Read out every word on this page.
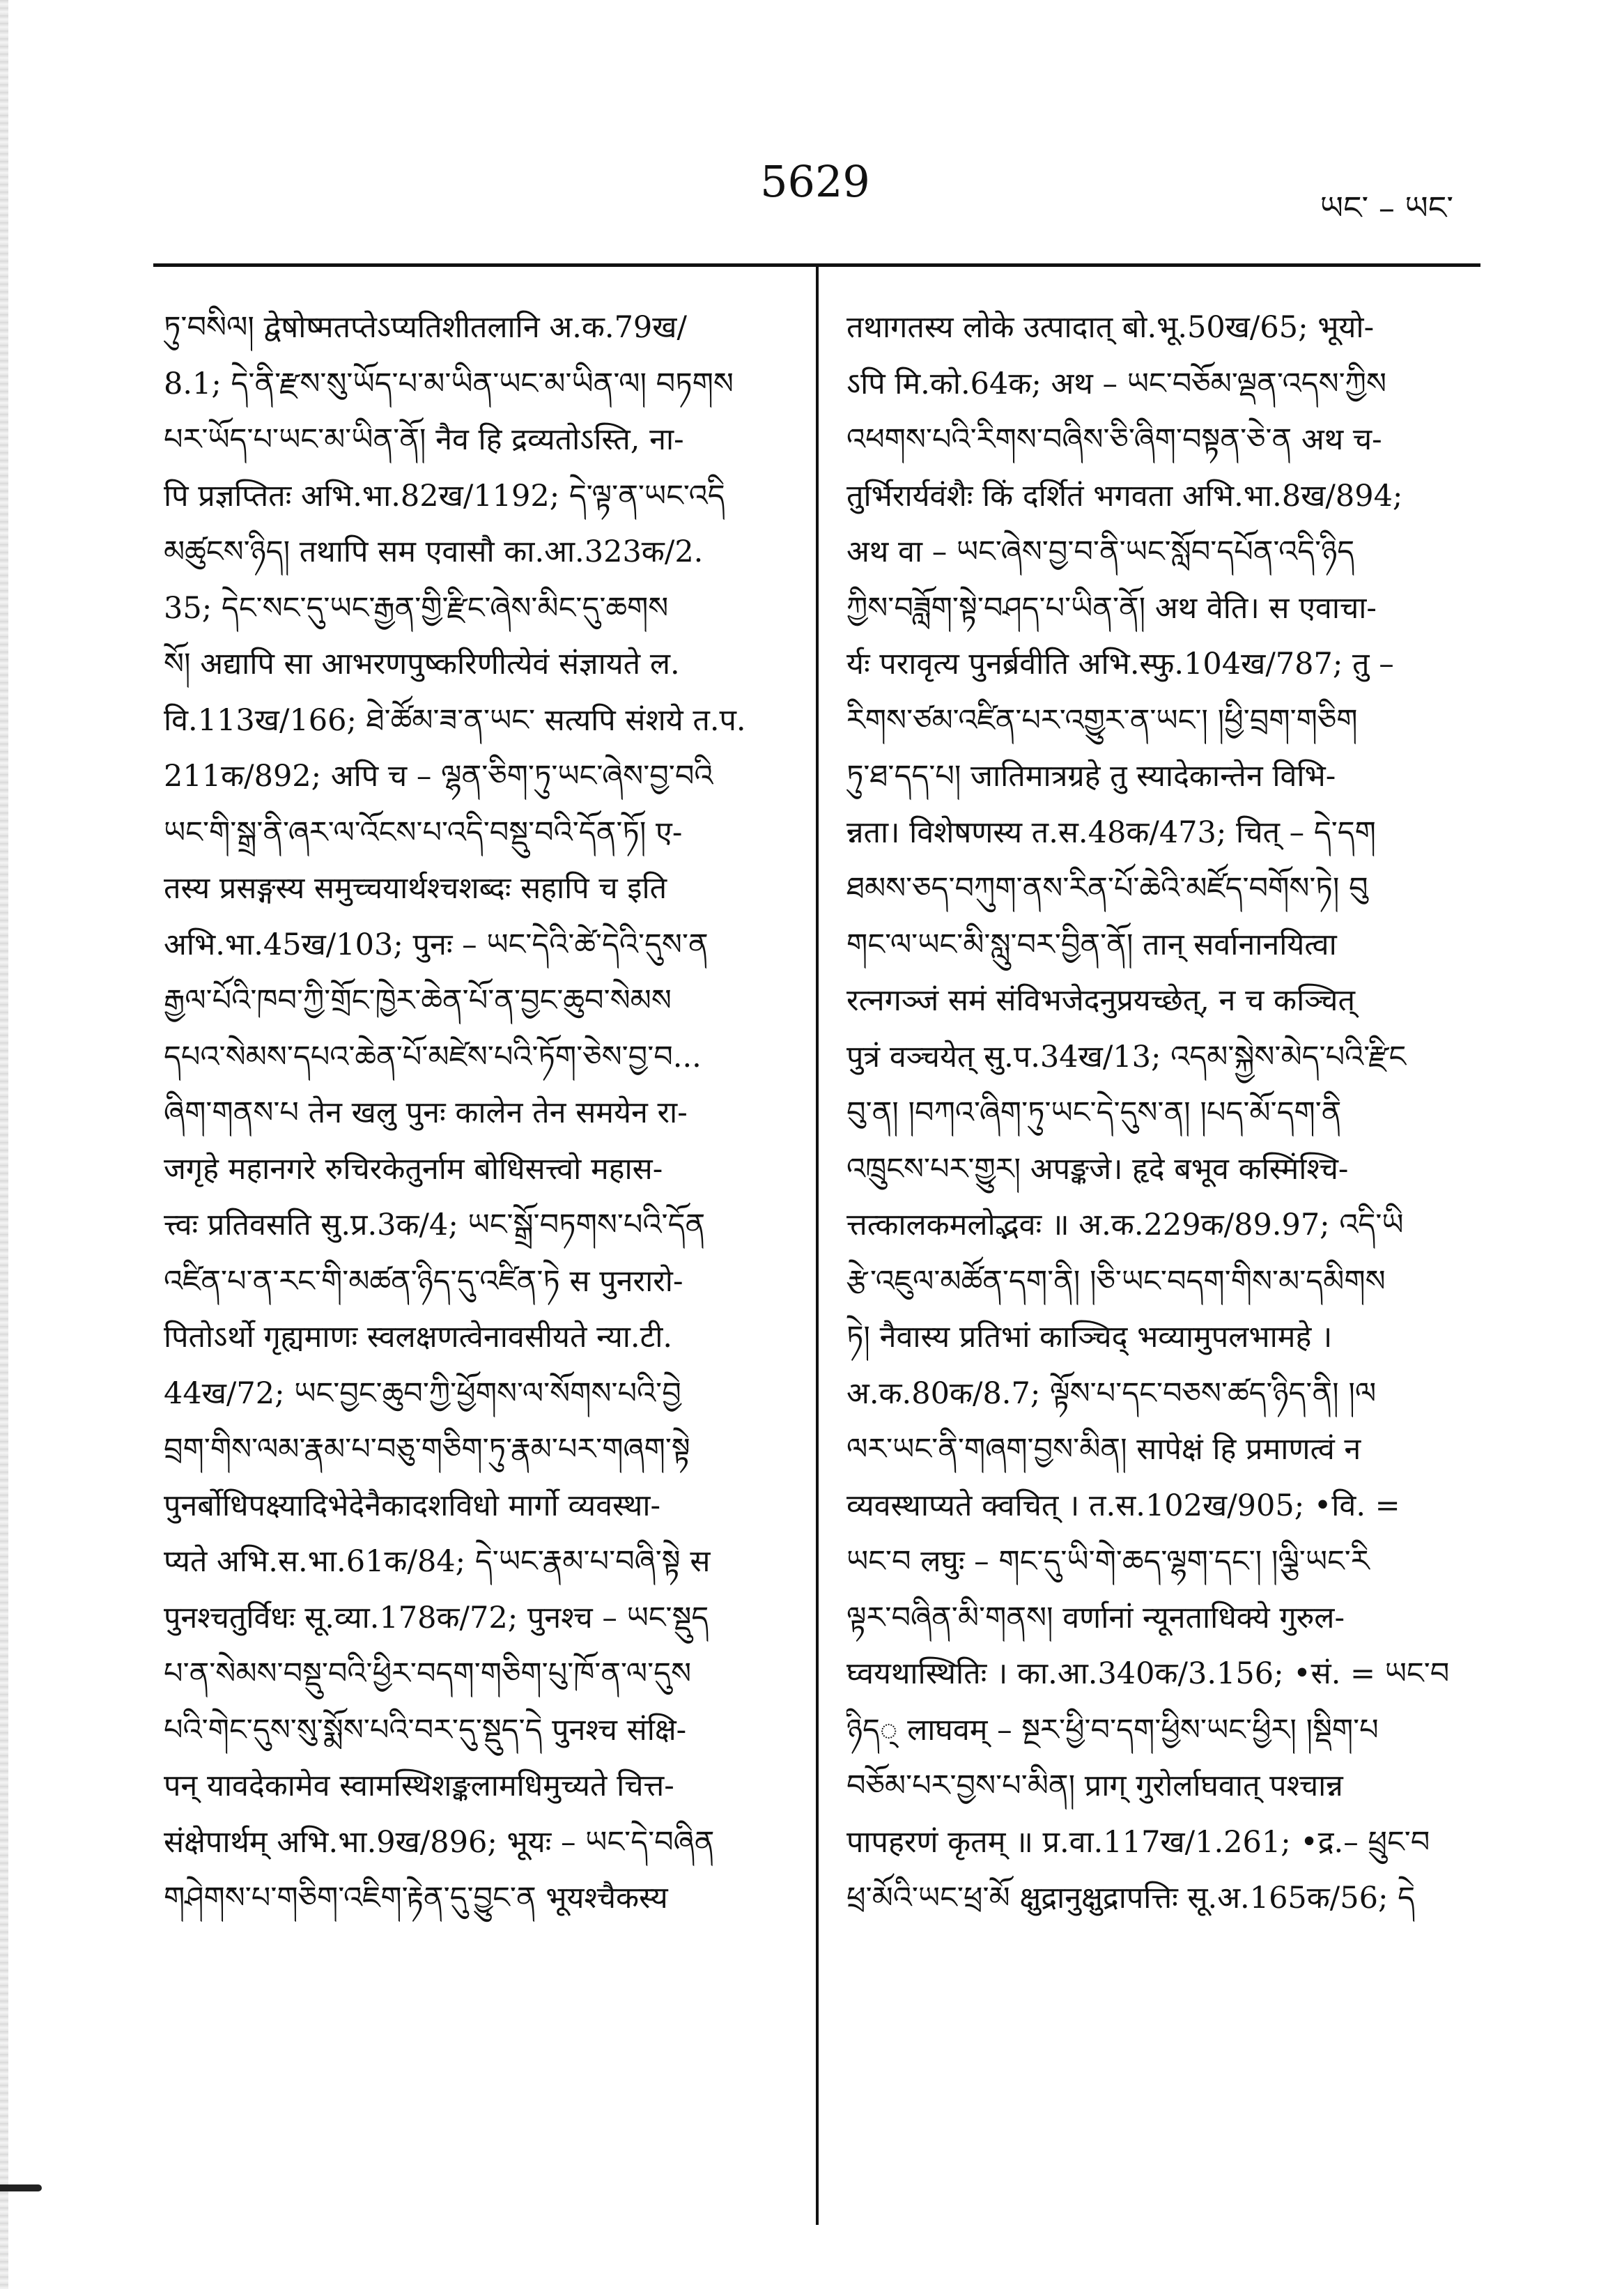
5629
ཡང་ – ཡང་
ཏུ་བསིལ། द्वेषोष्मतप्तेऽप्यतिशीतलानि अ.क.79ख/
8.1; དེ་ནི་རྫས་སུ་ཡོད་པ་མ་ཡིན་ཡང་མ་ཡིན་ལ། བཏགས
པར་ཡོད་པ་ཡང་མ་ཡིན་ནོ། नैव हि द्रव्यतोऽस्ति, ना-
पि प्रज्ञप्तितः अभि.भा.82ख/1192; དེ་ལྟ་ན་ཡང་འདི
མཚུངས་ཉིད། तथापि सम एवासौ का.आ.323क/2.
35; དེང་སང་དུ་ཡང་རྒྱན་གྱི་རྫིང་ཞེས་མིང་དུ་ཆགས
སོ། अद्यापि सा आभरणपुष्करिणीत्येवं संज्ञायते ल.
वि.113ख/166; ཐེ་ཚོམ་ཟ་ན་ཡང་ सत्यपि संशये त.प.
211क/892; अपि च – ལྷན་ཅིག་ཏུ་ཡང་ཞེས་བྱ་བའི
ཡང་གི་སྒྲ་ནི་ཞར་ལ་འོངས་པ་འདི་བསྡུ་བའི་དོན་ཏོ། ए-
तस्य प्रसङ्गस्य समुच्चयार्थश्चशब्दः सहापि च इति
अभि.भा.45ख/103; पुनः – ཡང་དེའི་ཚེ་དེའི་དུས་ན
རྒྱལ་པོའི་ཁབ་ཀྱི་གྲོང་ཁྱེར་ཆེན་པོ་ན་བྱང་ཆུབ་སེམས
དཔའ་སེམས་དཔའ་ཆེན་པོ་མཛེས་པའི་ཏོག་ཅེས་བྱ་བ...
ཞིག་གནས་པ तेन खलु पुनः कालेन तेन समयेन रा-
जगृहे महानगरे रुचिरकेतुर्नाम बोधिसत्त्वो महास-
त्त्वः प्रतिवसति सु.प्र.3क/4; ཡང་སྒྲོ་བཏགས་པའི་དོན
འཛིན་པ་ན་རང་གི་མཚན་ཉིད་དུ་འཛིན་ཏེ स पुनरारो-
पितोऽर्थो गृह्यमाणः स्वलक्षणत्वेनावसीयते न्या.टी.
44ख/72; ཡང་བྱང་ཆུབ་ཀྱི་ཕྱོགས་ལ་སོགས་པའི་བྱེ
བྲག་གིས་ལམ་རྣམ་པ་བཅུ་གཅིག་ཏུ་རྣམ་པར་གཞག་སྟེ
पुनर्बोधिपक्ष्यादिभेदेनैकादशविधो मार्गो व्यवस्था-
प्यते अभि.स.भा.61क/84; དེ་ཡང་རྣམ་པ་བཞི་སྟེ स
पुनश्चतुर्विधः सू.व्या.178क/72; पुनश्च – ཡང་སྡུད
པ་ན་སེམས་བསྡུ་བའི་ཕྱིར་བདག་གཅིག་པུ་ཁོ་ན་ལ་དུས
པའི་གེང་དུས་སུ་སྨོས་པའི་བར་དུ་སྡུད་དེ पुनश्च संक्षि-
पन् यावदेकामेव स्वामस्थिशङ्कलामधिमुच्यते चित्त-
संक्षेपार्थम् अभि.भा.9ख/896; भूयः – ཡང་དེ་བཞིན
གཤེགས་པ་གཅིག་འཇིག་རྟེན་དུ་བྱུང་ན भूयश्चैकस्य
तथागतस्य लोके उत्पादात् बो.भू.50ख/65; भूयो-
ऽपि मि.को.64क; अथ – ཡང་བཅོམ་ལྡན་འདས་ཀྱིས
འཕགས་པའི་རིགས་བཞིས་ཅི་ཞིག་བསྟན་ཅེ་ན अथ च-
तुर्भिरार्यवंशैः किं दर्शितं भगवता अभि.भा.8ख/894;
अथ वा – ཡང་ཞེས་བྱ་བ་ནི་ཡང་སློབ་དཔོན་འདི་ཉིད
ཀྱིས་བཟློག་སྟེ་བཤད་པ་ཡིན་ནོ། अथ वेति। स एवाचा-
र्यः परावृत्य पुनर्ब्रवीति अभि.स्फु.104ख/787; तु –
རིགས་ཙམ་འཛིན་པར་འགྱུར་ན་ཡང་། །ཕྱི་བྲག་གཅིག
ཏུ་ཐ་དད་པ། जातिमात्रग्रहे तु स्यादेकान्तेन विभि-
न्नता। विशेषणस्य त.स.48क/473; चित् – དེ་དག
ཐམས་ཅད་བཀུག་ནས་རིན་པོ་ཆེའི་མཛོད་བགོས་ཏེ། བུ
གང་ལ་ཡང་མི་སླུ་བར་བྱིན་ནོ། तान् सर्वानानयित्वा
रत्नगञ्जं समं संविभजेदनुप्रयच्छेत्, न च कञ्चित्
पुत्रं वञ्चयेत् सु.प.34ख/13; འདམ་སྐྱེས་མེད་པའི་རྫིང
བུ་ན། །བཀའ་ཞིག་ཏུ་ཡང་དེ་དུས་ན། །པད་མོ་དག་ནི
འཁྲུངས་པར་གྱུར། अपङ्कजे। हृदे बभूव कस्मिंश्चि-
त्तत्कालकमलोद्भवः ॥ अ.क.229क/89.97; འདི་ཡི
རྩེ་འཇུལ་མཚོན་དག་ནི། །ཅི་ཡང་བདག་གིས་མ་དམིགས
ཏེ། नैवास्य प्रतिभां काञ्चिद् भव्यामुपलभामहे ।
अ.क.80क/8.7; ལྟོས་པ་དང་བཅས་ཚད་ཉིད་ནི། །ལ
ལར་ཡང་ནི་གཞག་བྱས་མིན། सापेक्षं हि प्रमाणत्वं न
व्यवस्थाप्यते क्वचित् । त.स.102ख/905; •वि. =
ཡང་བ लघुः – གང་དུ་ཡི་གེ་ཆད་ལྷག་དང་། །ལྕི་ཡང་རི
ལྟར་བཞིན་མི་གནས། वर्णानां न्यूनताधिक्ये गुरुल-
घ्वयथास्थितिः । का.आ.340क/3.156; •सं. = ཡང་བ
ཉིད् लाघवम् – སྔར་ཕྱི་བ་དག་ཕྱིས་ཡང་ཕྱིར། །སྡིག་པ
བཅོམ་པར་བྱས་པ་མིན། प्राग् गुरोर्लाघवात् पश्चान्न
पापहरणं कृतम् ॥ प्र.वा.117ख/1.261; •द्र.– ཕྲུང་བ
ཕྲ་མོའི་ཡང་ཕྲ་མོ क्षुद्रानुक्षुद्रापत्तिः सू.अ.165क/56; དེ
